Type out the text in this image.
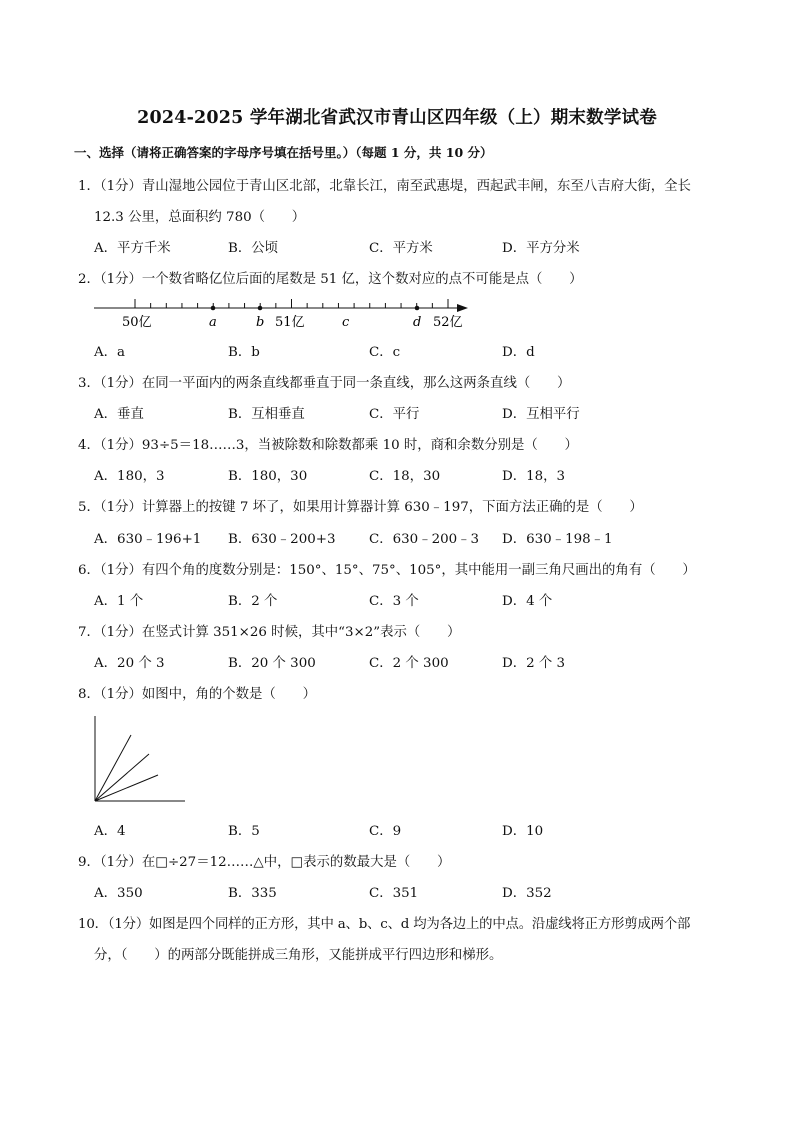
2024-2025 学年湖北省武汉市青山区四年级（上）期末数学试卷
一、选择（请将正确答案的字母序号填在括号里。）（每题 1 分，共 10 分）
1．（1分）青山湿地公园位于青山区北部，北靠长江，南至武惠堤，西起武丰闸，东至八吉府大街，全长
12.3 公里，总面积约 780（　　）
A．平方千米	B．公顷	C．平方米	D．平方分米
2．（1分）一个数省略亿位后面的尾数是 51 亿，这个数对应的点不可能是点（　　）
50亿	51亿	52亿
a	b	c	d
A．a	B．b	C．c	D．d
3．（1分）在同一平面内的两条直线都垂直于同一条直线，那么这两条直线（　　）
A．垂直	B．互相垂直	C．平行	D．互相平行
4．（1分）93÷5＝18……3，当被除数和除数都乘 10 时，商和余数分别是（　　）
A．180，3	B．180，30	C．18，30	D．18，3
5．（1分）计算器上的按键 7 坏了，如果用计算器计算 630﹣197，下面方法正确的是（　　）
A．630﹣196+1 B．630﹣200+3	C．630﹣200﹣3 D．630﹣198﹣1
6．（1分）有四个角的度数分别是：150°、15°、75°、105°，其中能用一副三角尺画出的角有（　　）
A．1 个	B．2 个	C．3 个	D．4 个
7．（1分）在竖式计算 351×26 时候，其中“3×2”表示（　　）
A．20 个 3	B．20 个 300	C．2 个 300	D．2 个 3
8．（1分）如图中，角的个数是（　　）
A．4	B．5	C．9	D．10
9．（1分）在□÷27＝12……△中，□表示的数最大是（　　）
A．350	B．335	C．351	D．352
10．（1分）如图是四个同样的正方形，其中 a、b、c、d 均为各边上的中点。沿虚线将正方形剪成两个部
分，（　　）的两部分既能拼成三角形，又能拼成平行四边形和梯形。
